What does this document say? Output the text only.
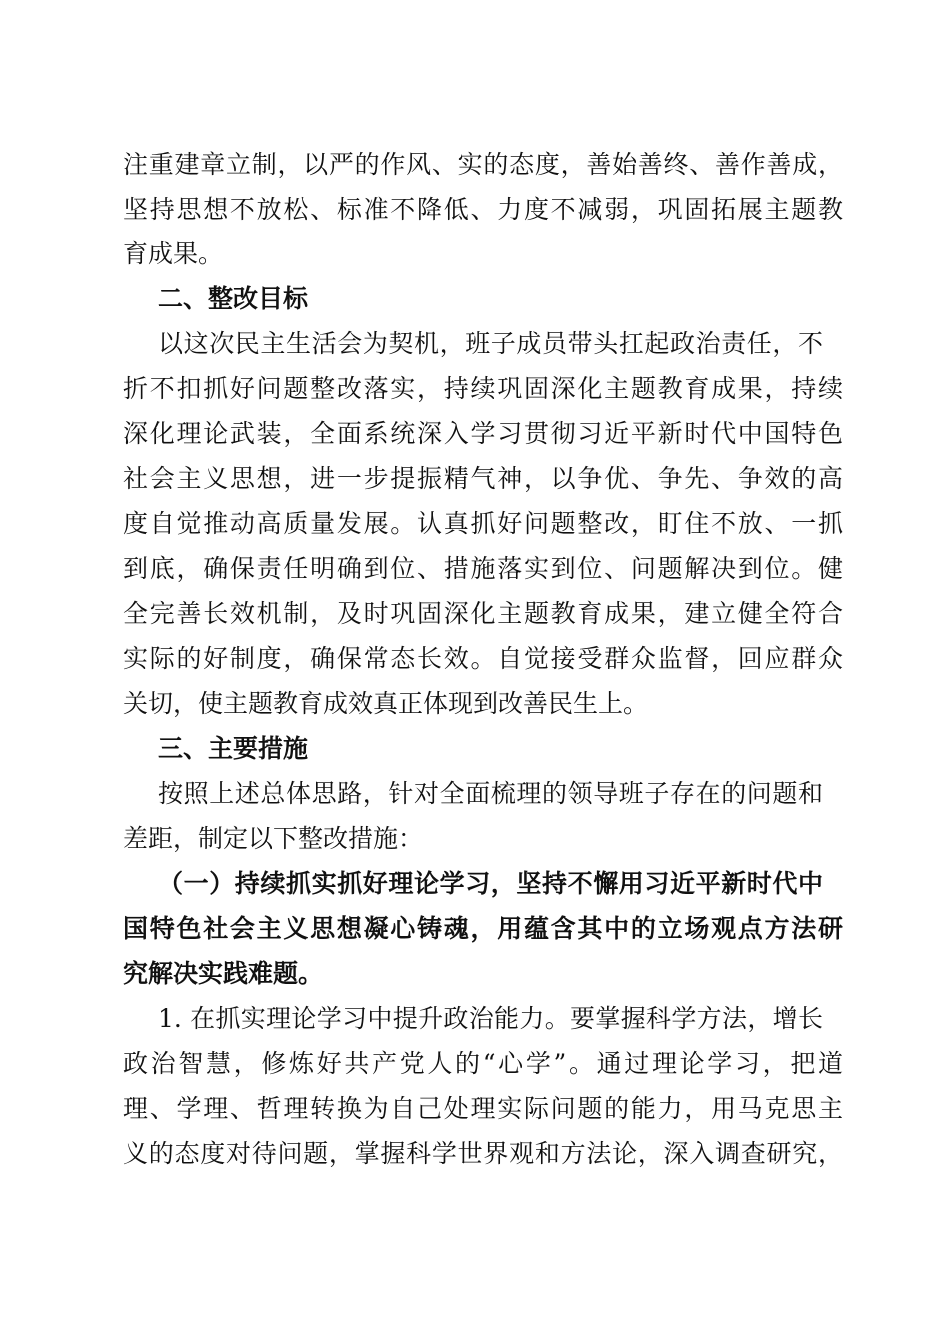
注重建章立制，以严的作风、实的态度，善始善终、善作善成，
坚持思想不放松、标准不降低、力度不减弱，巩固拓展主题教
育成果。
二、整改目标
以这次民主生活会为契机，班子成员带头扛起政治责任，不
折不扣抓好问题整改落实，持续巩固深化主题教育成果，持续
深化理论武装，全面系统深入学习贯彻习近平新时代中国特色
社会主义思想，进一步提振精气神，以争优、争先、争效的高
度自觉推动高质量发展。认真抓好问题整改，盯住不放、一抓
到底，确保责任明确到位、措施落实到位、问题解决到位。健
全完善长效机制，及时巩固深化主题教育成果，建立健全符合
实际的好制度，确保常态长效。自觉接受群众监督，回应群众
关切，使主题教育成效真正体现到改善民生上。
三、主要措施
按照上述总体思路，针对全面梳理的领导班子存在的问题和
差距，制定以下整改措施：
（一）持续抓实抓好理论学习，坚持不懈用习近平新时代中
国特色社会主义思想凝心铸魂，用蕴含其中的立场观点方法研
究解决实践难题。
1. 在抓实理论学习中提升政治能力。要掌握科学方法，增长
政治智慧，修炼好共产党人的“心学”。通过理论学习，把道
理、学理、哲理转换为自己处理实际问题的能力，用马克思主
义的态度对待问题，掌握科学世界观和方法论，深入调查研究，
